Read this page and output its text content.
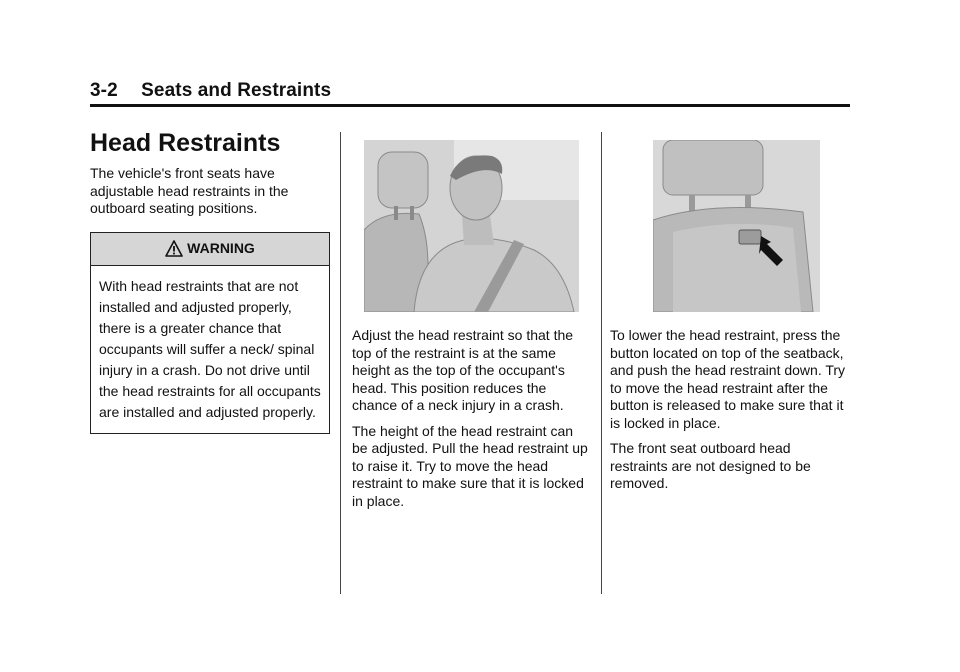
3-2 Seats and Restraints
Head Restraints

The vehicle's front seats have adjustable head restraints in the outboard seating positions.

WARNING
With head restraints that are not installed and adjusted properly, there is a greater chance that occupants will suffer a neck/ spinal injury in a crash. Do not drive until the head restraints for all occupants are installed and adjusted properly.

Adjust the head restraint so that the top of the restraint is at the same height as the top of the occupant's head. This position reduces the chance of a neck injury in a crash.

The height of the head restraint can be adjusted. Pull the head restraint up to raise it. Try to move the head restraint to make sure that it is locked in place.

To lower the head restraint, press the button located on top of the seatback, and push the head restraint down. Try to move the head restraint after the button is released to make sure that it is locked in place.

The front seat outboard head restraints are not designed to be removed.
